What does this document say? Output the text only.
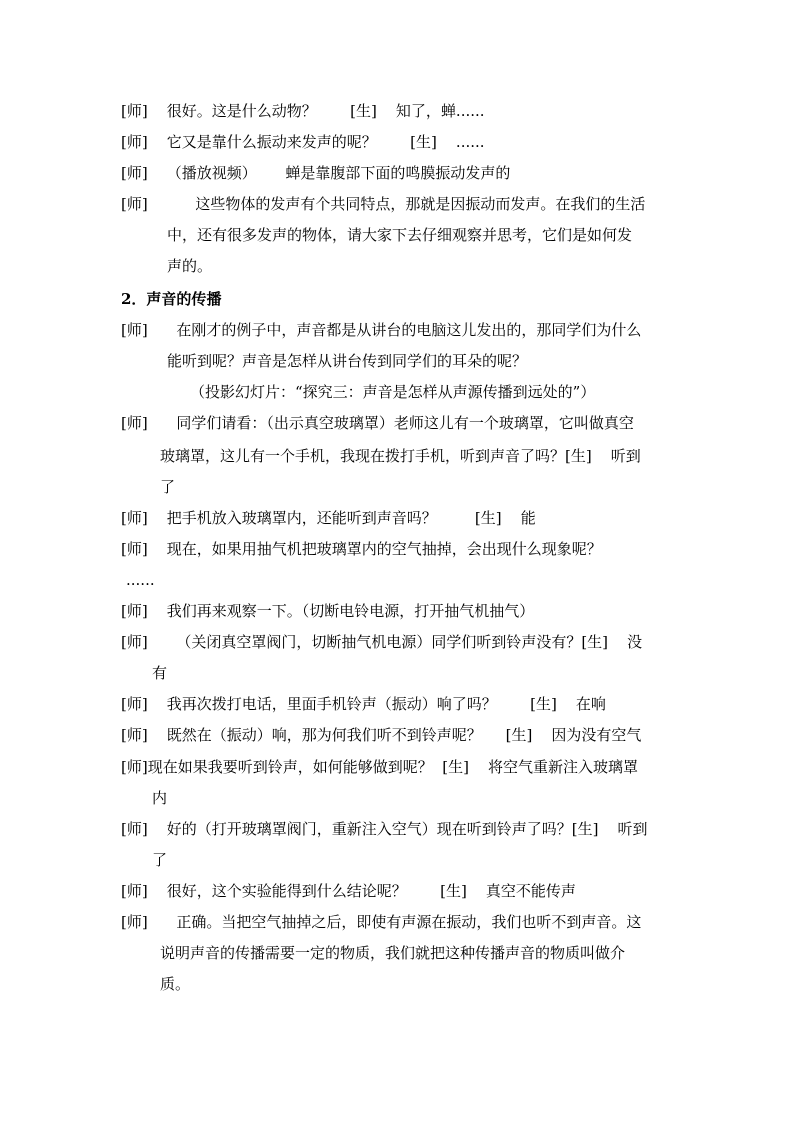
[师]    很好。这是什么动物？       [生]    知了，蝉......
[师]    它又是靠什么振动来发声的呢？       [生]    ......
[师]    （播放视频）      蝉是靠腹部下面的鸣膜振动发声的
[师]          这些物体的发声有个共同特点，那就是因振动而发声。在我们的生活
中，还有很多发声的物体，请大家下去仔细观察并思考，它们是如何发
声的。
2．声音的传播
[师]      在刚才的例子中，声音都是从讲台的电脑这儿发出的，那同学们为什么
能听到呢？声音是怎样从讲台传到同学们的耳朵的呢？
（投影幻灯片：“探究三：声音是怎样从声源传播到远处的”）
[师]      同学们请看：（出示真空玻璃罩）老师这儿有一个玻璃罩，它叫做真空
玻璃罩，这儿有一个手机，我现在拨打手机，听到声音了吗？[生]    听到
了
[师]    把手机放入玻璃罩内，还能听到声音吗？        [生]    能
[师]    现在，如果用抽气机把玻璃罩内的空气抽掉，会出现什么现象呢？
......
[师]    我们再来观察一下。（切断电铃电源，打开抽气机抽气）
[师]      （关闭真空罩阀门，切断抽气机电源）同学们听到铃声没有？[生]    没
有
[师]    我再次拨打电话，里面手机铃声（振动）响了吗？       [生]    在响
[师]    既然在（振动）响，那为何我们听不到铃声呢？     [生]    因为没有空气
[师]现在如果我要听到铃声，如何能够做到呢？  [生]    将空气重新注入玻璃罩
内
[师]    好的（打开玻璃罩阀门，重新注入空气）现在听到铃声了吗？[生]    听到
了
[师]    很好，这个实验能得到什么结论呢？       [生]    真空不能传声
[师]      正确。当把空气抽掉之后，即使有声源在振动，我们也听不到声音。这
说明声音的传播需要一定的物质，我们就把这种传播声音的物质叫做介
质。
